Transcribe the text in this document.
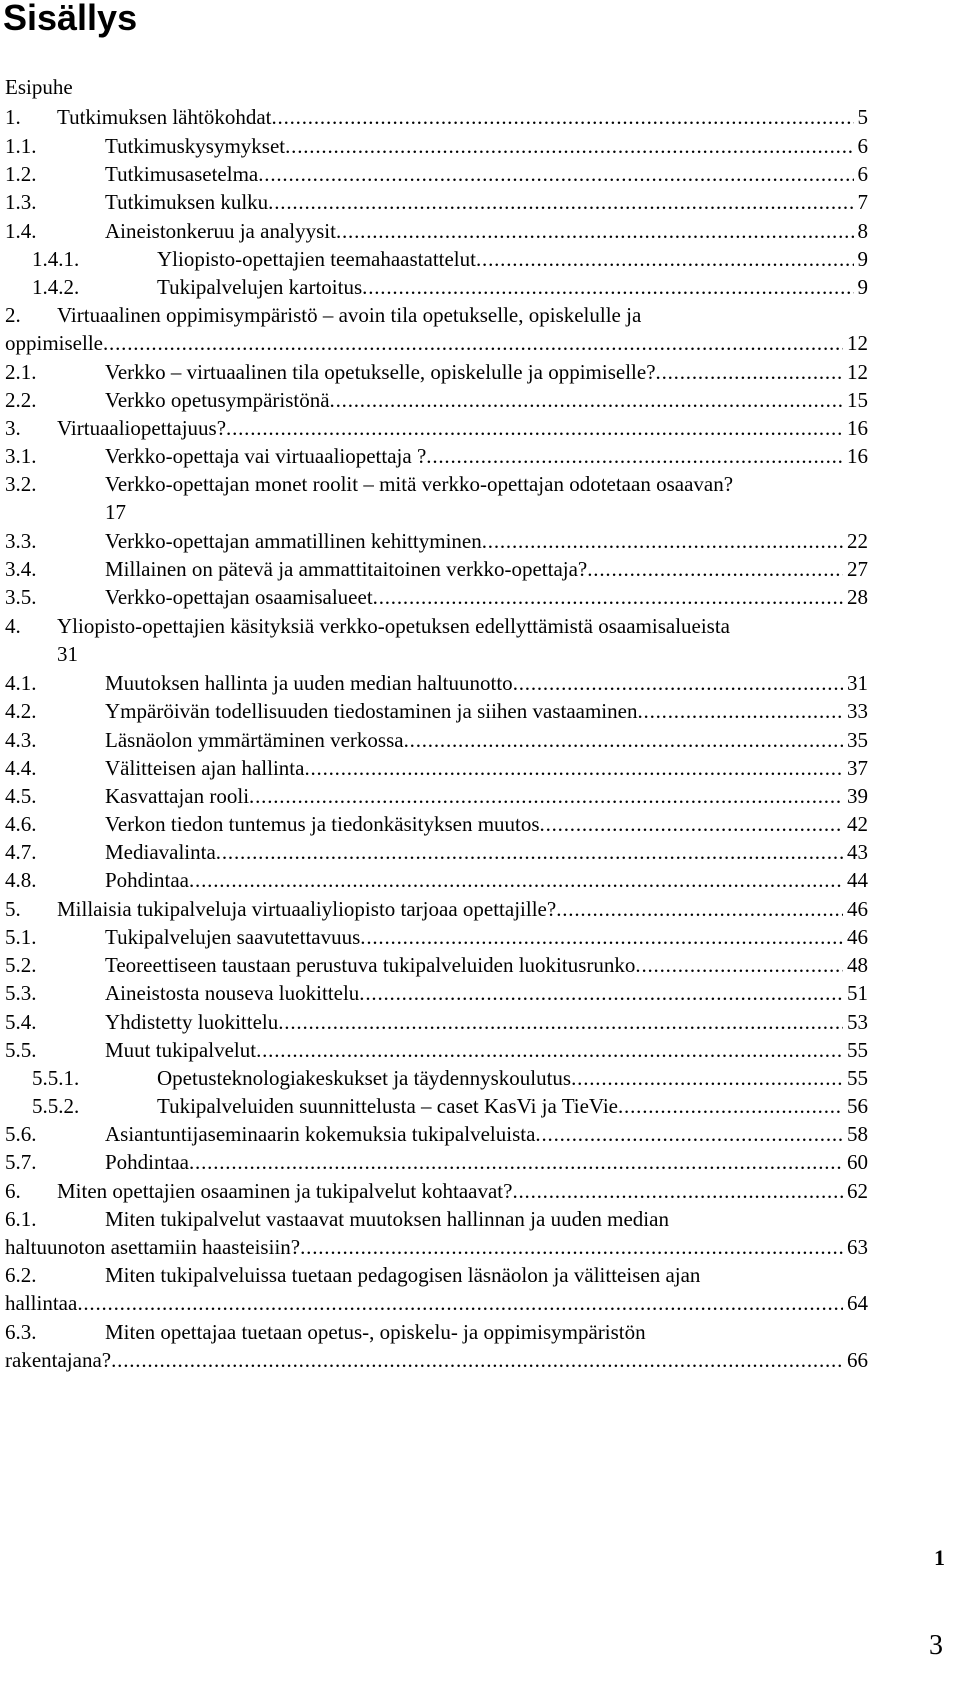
Sisällys
Esipuhe
1. Tutkimuksen lähtökohdat .....	5
1.1.	Tutkimuskysymykset .....	6
1.2.	Tutkimusasetelma .....	6
1.3.	Tutkimuksen kulku .....	7
1.4.	Aineistonkeruu ja analyysit .....	8
1.4.1.	Yliopisto-opettajien teemahaastattelut .....	9
1.4.2.	Tukipalvelujen kartoitus .....	9
2. Virtuaalinen oppimisympäristö – avoin tila opetukselle, opiskelulle ja
oppimiselle .....	12
2.1.	Verkko – virtuaalinen tila opetukselle, opiskelulle ja oppimiselle? .....	12
2.2.	Verkko opetusympäristönä .....	15
3. Virtuaaliopettajuus? .....	16
3.1.	Verkko-opettaja vai virtuaaliopettaja ? .....	16
3.2.	Verkko-opettajan monet roolit – mitä verkko-opettajan odotetaan osaavan?
17
3.3.	Verkko-opettajan ammatillinen kehittyminen .....	22
3.4.	Millainen on pätevä ja ammattitaitoinen verkko-opettaja? .....	27
3.5.	Verkko-opettajan osaamisalueet .....	28
4. Yliopisto-opettajien käsityksiä verkko-opetuksen edellyttämistä osaamisalueista
31
4.1.	Muutoksen hallinta ja uuden median haltuunotto .....	31
4.2.	Ympäröivän todellisuuden tiedostaminen ja siihen vastaaminen .....	33
4.3.	Läsnäolon ymmärtäminen verkossa .....	35
4.4.	Välitteisen ajan hallinta .....	37
4.5.	Kasvattajan rooli .....	39
4.6.	Verkon tiedon tuntemus ja tiedonkäsityksen muutos .....	42
4.7.	Mediavalinta .....	43
4.8.	Pohdintaa .....	44
5. Millaisia tukipalveluja virtuaaliyliopisto tarjoaa opettajille? .....	46
5.1.	Tukipalvelujen saavutettavuus .....	46
5.2.	Teoreettiseen taustaan perustuva tukipalveluiden luokitusrunko .....	48
5.3.	Aineistosta nouseva luokittelu .....	51
5.4.	Yhdistetty luokittelu .....	53
5.5.	Muut tukipalvelut .....	55
5.5.1.	Opetusteknologiakeskukset ja täydennyskoulutus .....	55
5.5.2.	Tukipalveluiden suunnittelusta – caset KasVi ja TieVie .....	56
5.6.	Asiantuntijaseminaarin kokemuksia tukipalveluista .....	58
5.7.	Pohdintaa .....	60
6. Miten opettajien osaaminen ja tukipalvelut kohtaavat? .....	62
6.1.	Miten tukipalvelut vastaavat muutoksen hallinnan ja uuden median
haltuunoton asettamiin haasteisiin? .....	63
6.2.	Miten tukipalveluissa tuetaan pedagogisen läsnäolon ja välitteisen ajan
hallintaa .....	64
6.3.	Miten opettajaa tuetaan opetus-, opiskelu- ja oppimisympäristön
rakentajana? .....	66
1
3
